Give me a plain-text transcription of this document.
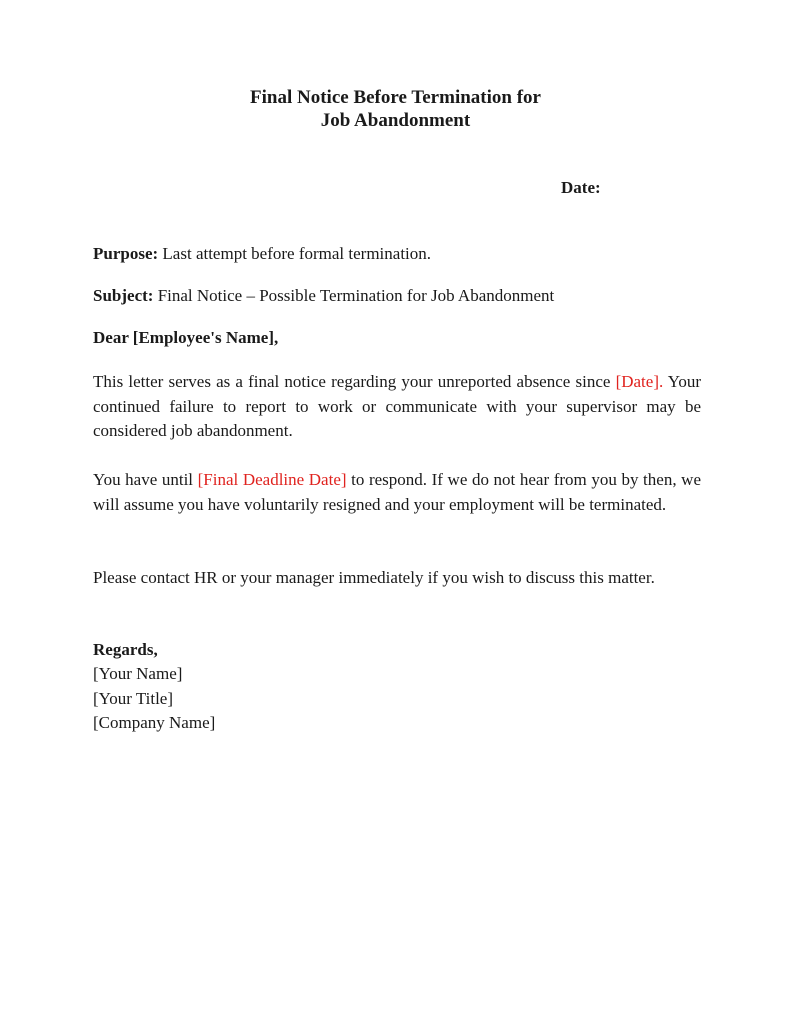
Final Notice Before Termination for
Job Abandonment
Date:
Purpose: Last attempt before formal termination.
Subject: Final Notice – Possible Termination for Job Abandonment
Dear [Employee's Name],
This letter serves as a final notice regarding your unreported absence since [Date]. Your continued failure to report to work or communicate with your supervisor may be considered job abandonment.
You have until [Final Deadline Date] to respond. If we do not hear from you by then, we will assume you have voluntarily resigned and your employment will be terminated.
Please contact HR or your manager immediately if you wish to discuss this matter.
Regards,
[Your Name]
[Your Title]
[Company Name]
